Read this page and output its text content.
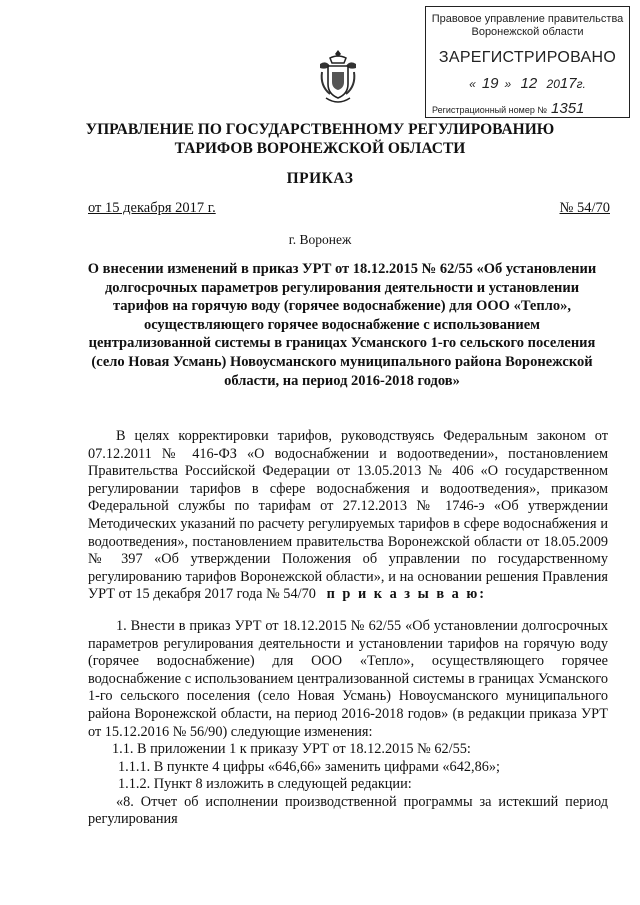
Правовое управление правительства
Воронежской области
ЗАРЕГИСТРИРОВАНО
« 19 » 12 2017г.
Регистрационный номер № 1351
УПРАВЛЕНИЕ ПО ГОСУДАРСТВЕННОМУ РЕГУЛИРОВАНИЮ
ТАРИФОВ ВОРОНЕЖСКОЙ ОБЛАСТИ
ПРИКАЗ
от 15 декабря 2017 г.	№ 54/70
г. Воронеж
О внесении изменений в приказ УРТ от 18.12.2015 № 62/55 «Об установлении долгосрочных параметров регулирования деятельности и установлении тарифов на горячую воду (горячее водоснабжение) для ООО «Тепло», осуществляющего горячее водоснабжение с использованием централизованной системы в границах Усманского 1-го сельского поселения (село Новая Усмань) Новоусманского муниципального района Воронежской области, на период 2016-2018 годов»

В целях корректировки тарифов, руководствуясь Федеральным законом от 07.12.2011 № 416-ФЗ «О водоснабжении и водоотведении», постановлением Правительства Российской Федерации от 13.05.2013 № 406 «О государственном регулировании тарифов в сфере водоснабжения и водоотведения», приказом Федеральной службы по тарифам от 27.12.2013 № 1746-э «Об утверждении Методических указаний по расчету регулируемых тарифов в сфере водоснабжения и водоотведения», постановлением правительства Воронежской области от 18.05.2009 № 397 «Об утверждении Положения об управлении по государственному регулированию тарифов Воронежской области», и на основании решения Правления УРТ от 15 декабря 2017 года № 54/70 п р и к а з ы в а ю:

1. Внести в приказ УРТ от 18.12.2015 № 62/55 «Об установлении долгосрочных параметров регулирования деятельности и установлении тарифов на горячую воду (горячее водоснабжение) для ООО «Тепло», осуществляющего горячее водоснабжение с использованием централизованной системы в границах Усманского 1-го сельского поселения (село Новая Усмань) Новоусманского муниципального района Воронежской области, на период 2016-2018 годов» (в редакции приказа УРТ от 15.12.2016 № 56/90) следующие изменения:

1.1. В приложении 1 к приказу УРТ от 18.12.2015 № 62/55:

1.1.1. В пункте 4 цифры «646,66» заменить цифрами «642,86»;

1.1.2. Пункт 8 изложить в следующей редакции:

«8. Отчет об исполнении производственной программы за истекший период регулирования
